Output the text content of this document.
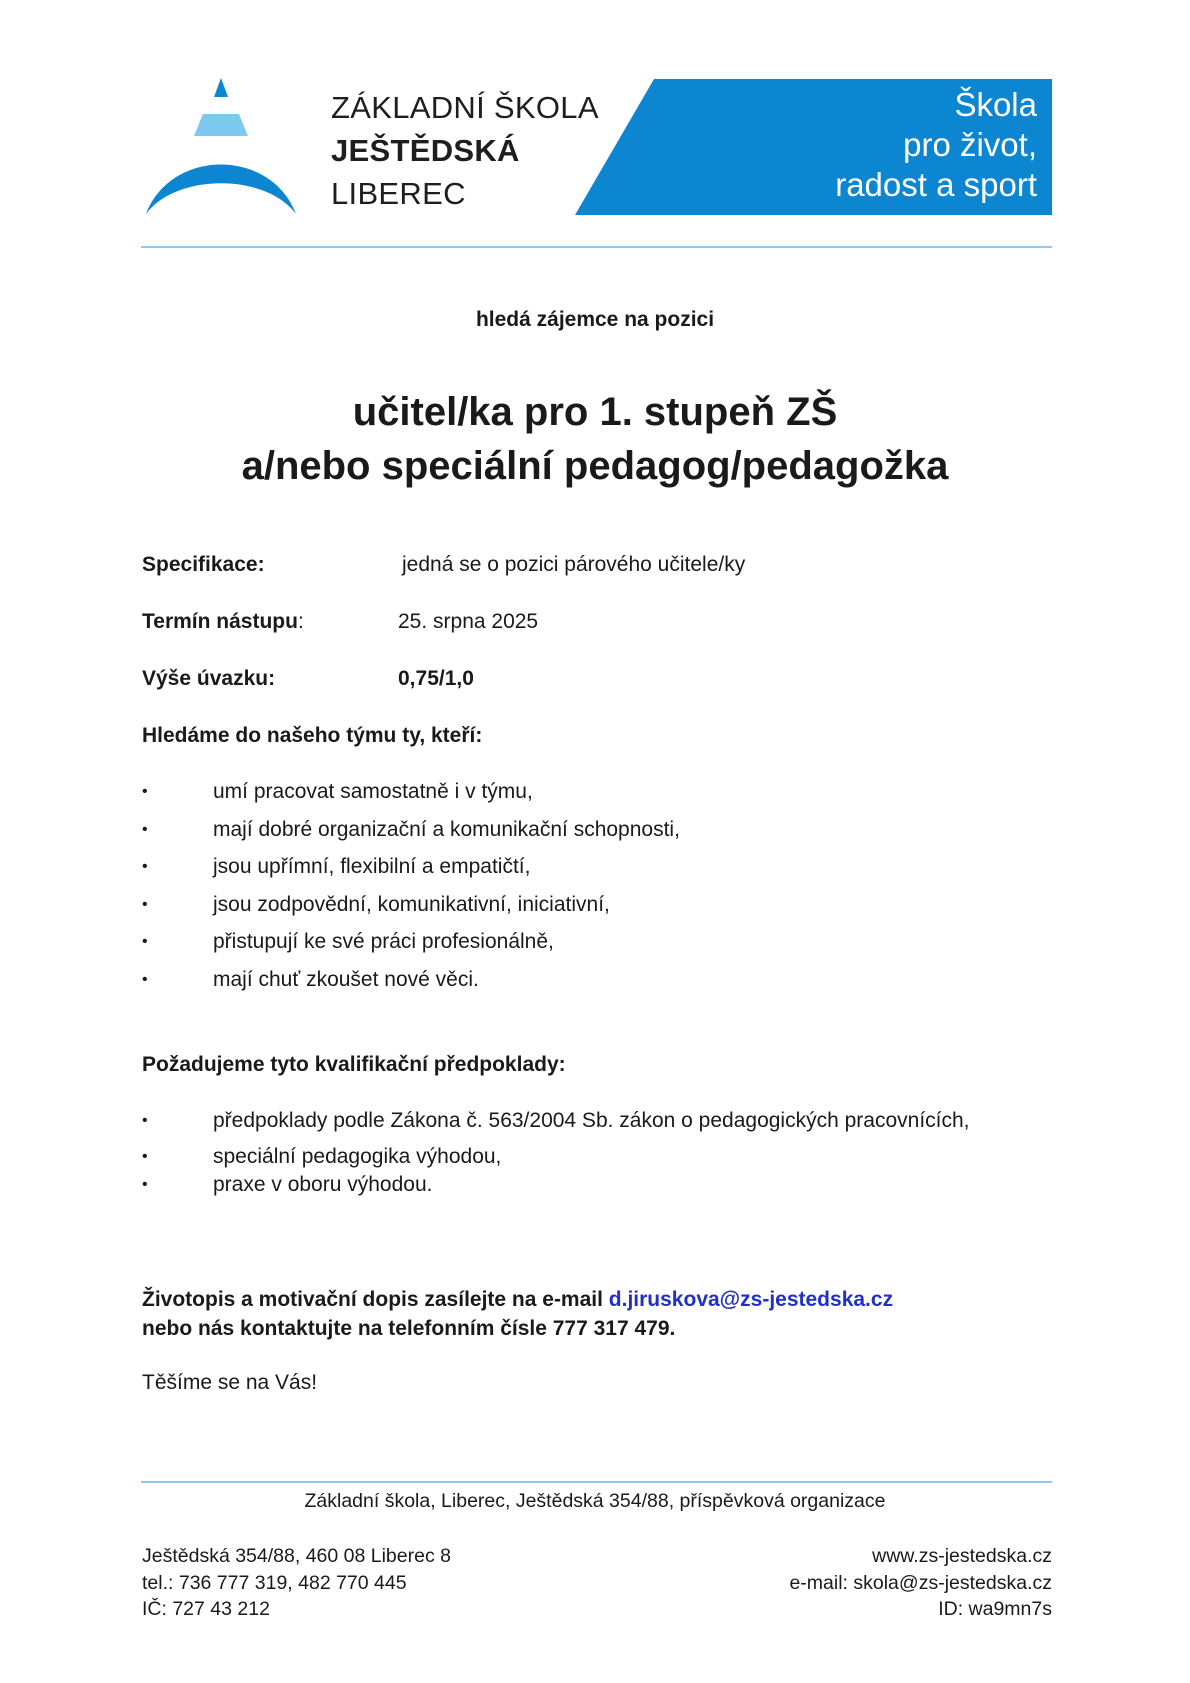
ZÁKLADNÍ ŠKOLA
JEŠTĚDSKÁ
LIBEREC
Škola
pro život,
radost a sport
hledá zájemce na pozici
učitel/ka pro 1. stupeň ZŠ
a/nebo speciální pedagog/pedagožka
Specifikace:	jedná se o pozici párového učitele/ky
Termín nástupu:	25. srpna 2025
Výše úvazku:	0,75/1,0
Hledáme do našeho týmu ty, kteří:
• umí pracovat samostatně i v týmu,
• mají dobré organizační a komunikační schopnosti,
• jsou upřímní, flexibilní a empatičtí,
• jsou zodpovědní, komunikativní, iniciativní,
• přistupují ke své práci profesionálně,
• mají chuť zkoušet nové věci.
Požadujeme tyto kvalifikační předpoklady:
• předpoklady podle Zákona č. 563/2004 Sb. zákon o pedagogických pracovnících,
• speciální pedagogika výhodou,
• praxe v oboru výhodou.
Životopis a motivační dopis zasílejte na e-mail d.jiruskova@zs-jestedska.cz
nebo nás kontaktujte na telefonním čísle 777 317 479.
Těšíme se na Vás!
Základní škola, Liberec, Ještědská 354/88, příspěvková organizace
Ještědská 354/88, 460 08 Liberec 8
tel.: 736 777 319, 482 770 445
IČ: 727 43 212
www.zs-jestedska.cz
e-mail: skola@zs-jestedska.cz
ID: wa9mn7s
